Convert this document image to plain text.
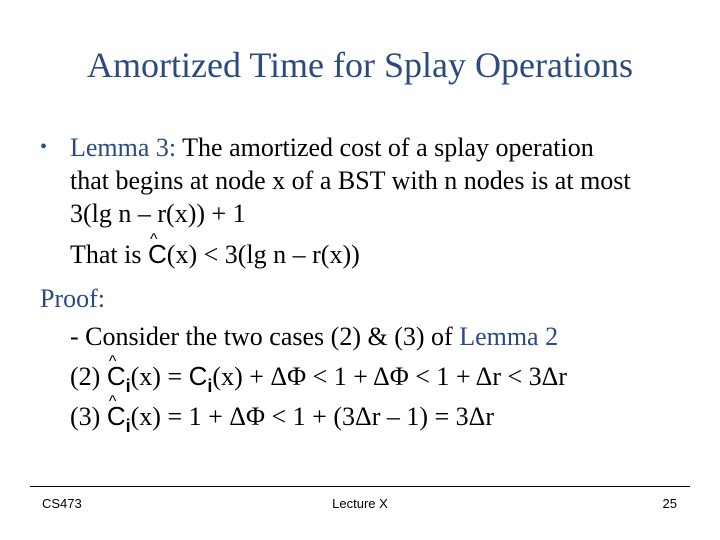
Amortized Time for Splay Operations
• Lemma 3: The amortized cost of a splay operation
that begins at node x of a BST with n nodes is at most
3(lg n – r(x)) + 1
That is ^ C(x) < 3(lg n – r(x))
Proof:
- Consider the two cases (2) & (3) of Lemma 2
(2) ^ $C_i(x) = C_i(x) + \Delta\Phi < 1 + \Delta\Phi < 1 + \Delta r < 3\Delta r$
(3) ^ $C_i(x) = 1 + \Delta\Phi < 1 + (3\Delta r - 1) = 3\Delta r$
CS473	Lecture X	25
